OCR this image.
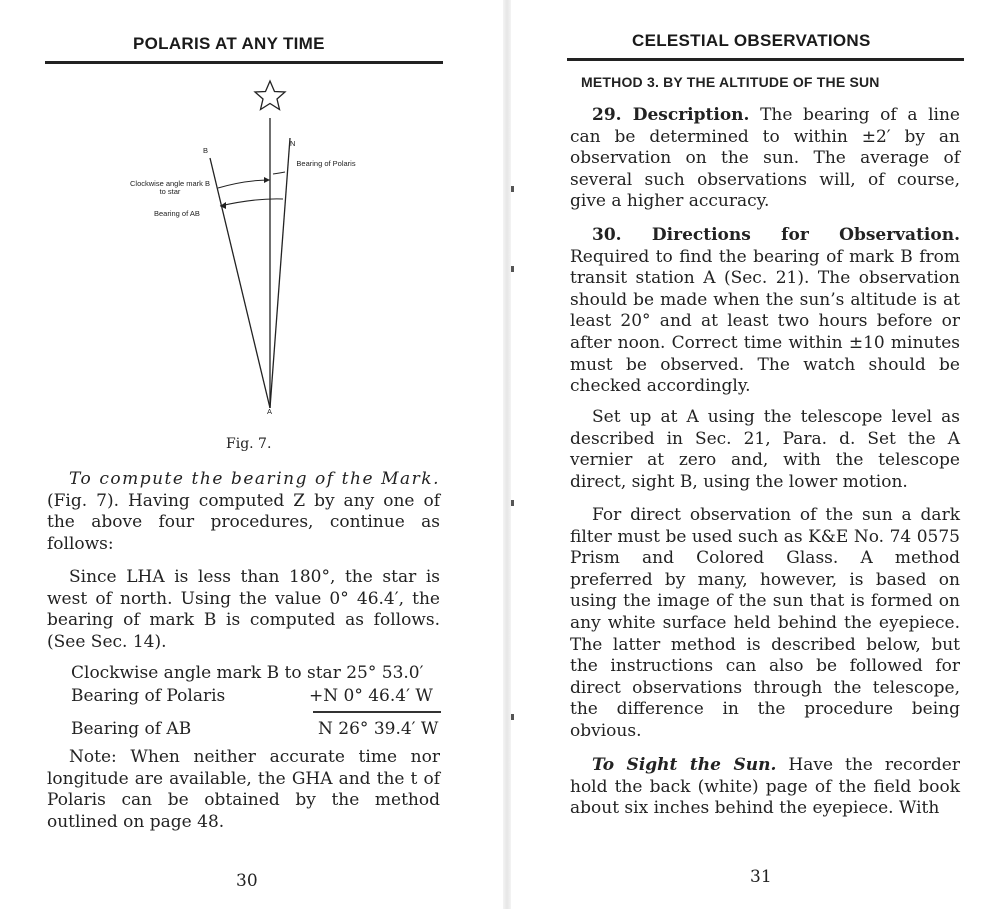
POLARIS AT ANY TIME
B
N
Bearing of Polaris
Clockwise angle mark B to star
Bearing of AB
A
Fig. 7.

To compute the bearing of the Mark. (Fig. 7). Having computed Z by any one of the above four procedures, continue as follows:

Since LHA is less than 180°, the star is west of north. Using the value 0° 46.4′, the bearing of mark B is computed as follows. (See Sec. 14).

Clockwise angle mark B to star 25° 53.0′
Bearing of Polaris	+N 0° 46.4′ W
Bearing of AB	N 26° 39.4′ W

Note: When neither accurate time nor longitude are available, the GHA and the t of Polaris can be obtained by the method outlined on page 48.

30
CELESTIAL OBSERVATIONS
METHOD 3. BY THE ALTITUDE OF THE SUN

29. Description. The bearing of a line can be determined to within ±2′ by an observation on the sun. The average of several such observations will, of course, give a higher accuracy.

30. Directions for Observation. Required to find the bearing of mark B from transit station A (Sec. 21). The observation should be made when the sun’s altitude is at least 20° and at least two hours before or after noon. Correct time within ±10 minutes must be observed. The watch should be checked accordingly.

Set up at A using the telescope level as described in Sec. 21, Para. d. Set the A vernier at zero and, with the telescope direct, sight B, using the lower motion.

For direct observation of the sun a dark filter must be used such as K&E No. 74 0575 Prism and Colored Glass. A method preferred by many, however, is based on using the image of the sun that is formed on any white surface held behind the eyepiece. The latter method is described below, but the instructions can also be followed for direct observations through the telescope, the difference in the procedure being obvious.

To Sight the Sun. Have the recorder hold the back (white) page of the field book about six inches behind the eyepiece. With

31
